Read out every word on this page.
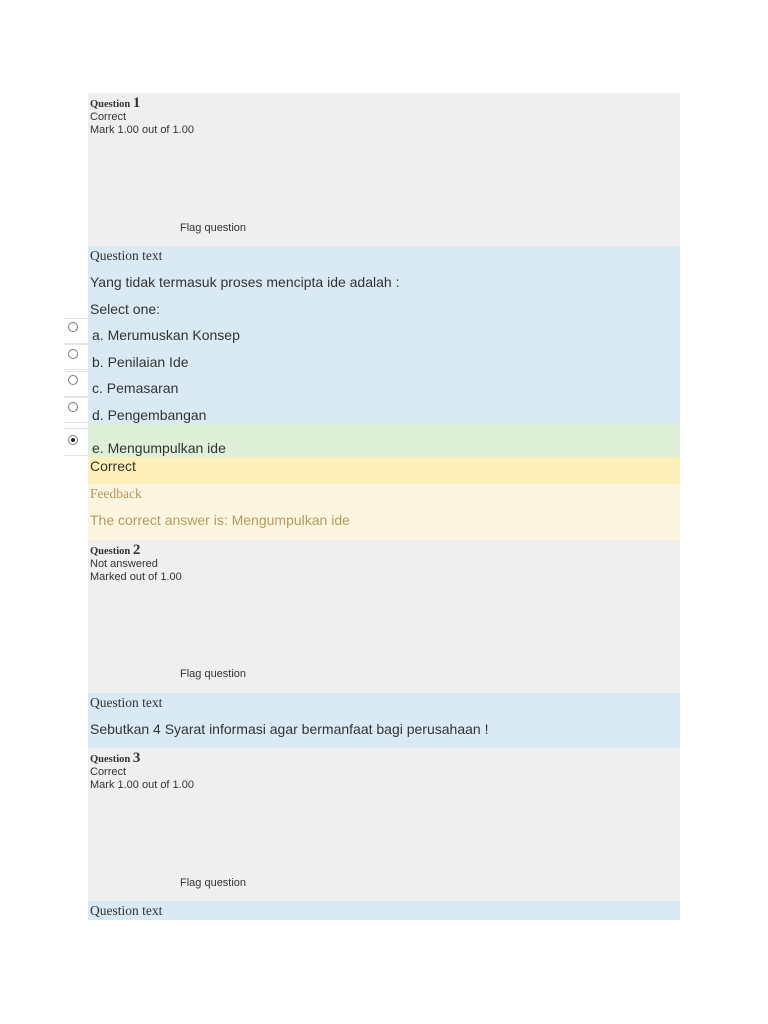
Question 1
Correct
Mark 1.00 out of 1.00
Flag question
Question text
Yang tidak termasuk proses mencipta ide adalah :
Select one:
a. Merumuskan Konsep
b. Penilaian Ide
c. Pemasaran
d. Pengembangan
e. Mengumpulkan ide
Correct
Feedback
The correct answer is: Mengumpulkan ide
Question 2
Not answered
Marked out of 1.00
Flag question
Question text
Sebutkan 4 Syarat informasi agar bermanfaat bagi perusahaan !
Question 3
Correct
Mark 1.00 out of 1.00
Flag question
Question text
